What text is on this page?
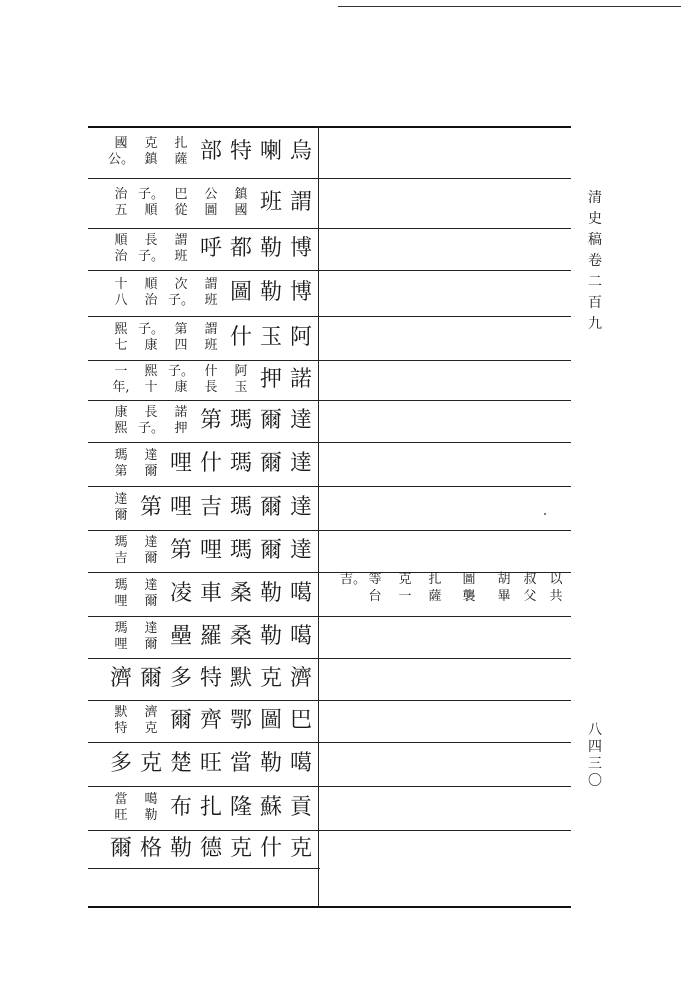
烏
喇
特
部
扎
薩
克
鎮
國
公。
謂
班
鎮
國
公
圖
巴
從
子。
順
治
五
博
勒
都
呼
謂
班
長
子。
順
治
博
勒
圖
謂
班
次
子。
順
治
十
八
阿
玉
什
謂
班
第
四
子。
康
熙
七
諾
押
阿
玉
什
長
子。
康
熙
十
一
年,
達
爾
瑪
第
諾
押
長
子。
康
熙
達
爾
瑪
什
哩
達
爾
瑪
第
達
爾
瑪
吉
哩
第
達
爾
達
爾
瑪
哩
第
達
爾
瑪
吉
噶
勒
桑
車
凌
達
爾
瑪
哩
噶
勒
桑
羅
壘
達
爾
瑪
哩
濟
克
默
特
多
爾
濟
巴
圖
鄂
齊
爾
濟
克
默
特
噶
勒
當
旺
楚
克
多
貢
蘇
隆
扎
布
噶
勒
當
旺
克
什
克
德
勒
格
爾
以
共
叔
父
胡
畢
圖
襲
扎
薩
克
一
等
台
吉。
清
史
稿
卷
二
百
九
八
四
三
〇
